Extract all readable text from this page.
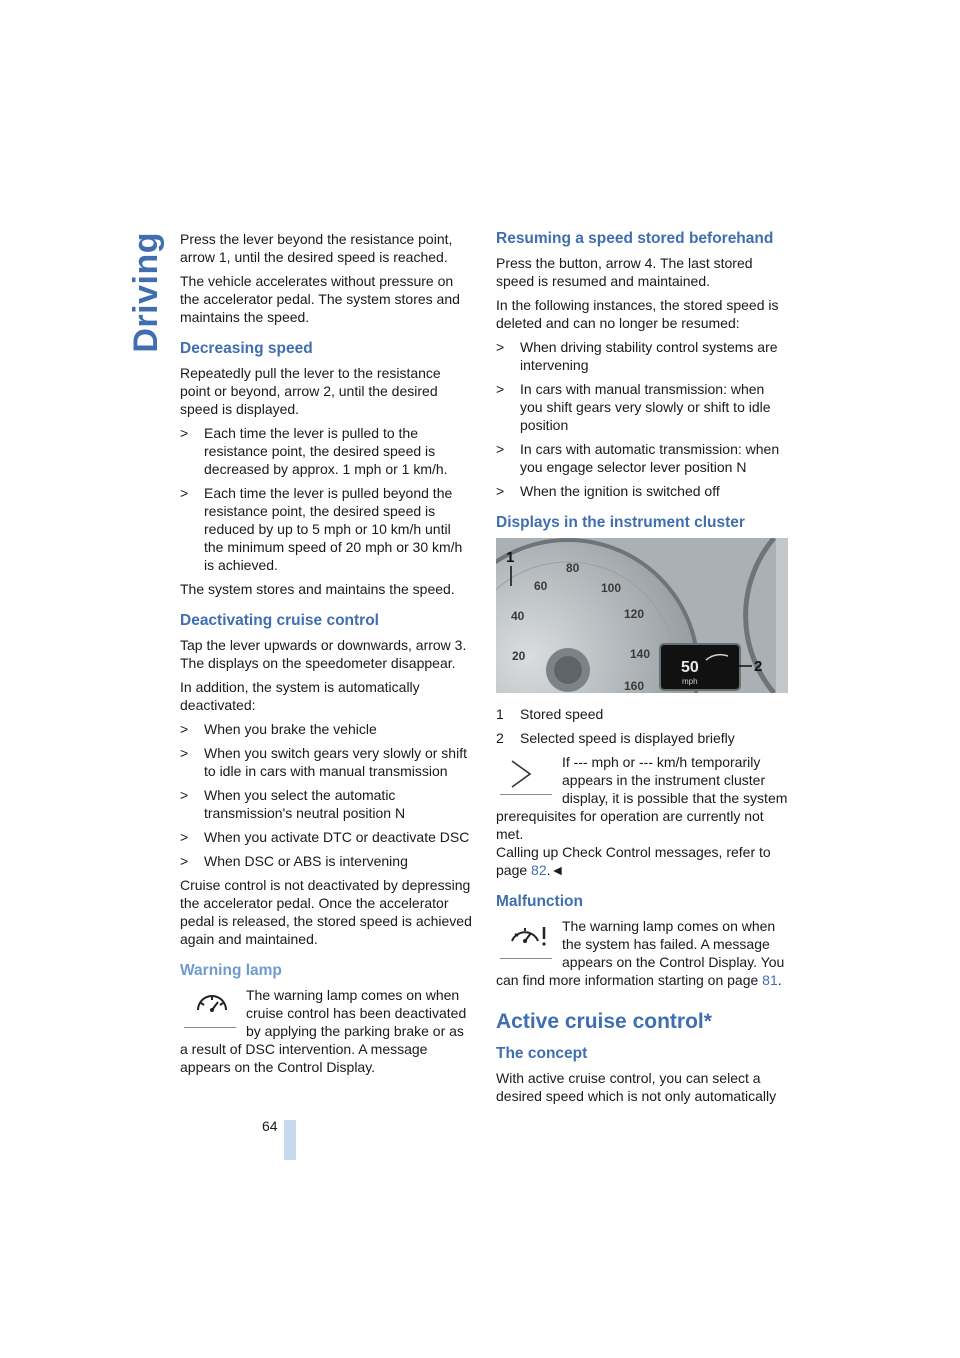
Driving Press the lever beyond the resistance point, arrow 1, until the desired speed is reached.

The vehicle accelerates without pressure on the accelerator pedal. The system stores and maintains the speed.

Decreasing speed

Repeatedly pull the lever to the resistance point or beyond, arrow 2, until the desired speed is displayed.

>	Each time the lever is pulled to the resistance point, the desired speed is decreased by approx. 1 mph or 1 km/h.
>	Each time the lever is pulled beyond the resistance point, the desired speed is reduced by up to 5 mph or 10 km/h until the minimum speed of 20 mph or 30 km/h is achieved.

The system stores and maintains the speed.

Deactivating cruise control

Tap the lever upwards or downwards, arrow 3. The displays on the speedometer disappear.

In addition, the system is automatically deactivated:

>	When you brake the vehicle
>	When you switch gears very slowly or shift to idle in cars with manual transmission
>	When you select the automatic transmission's neutral position N
>	When you activate DTC or deactivate DSC
>	When DSC or ABS is intervening

Cruise control is not deactivated by depressing the accelerator pedal. Once the accelerator pedal is released, the stored speed is achieved again and maintained.

Warning lamp
The warning lamp comes on when cruise control has been deactivated by applying the parking brake or as a result of DSC intervention. A message appears on the Control Display.
Resuming a speed stored beforehand

Press the button, arrow 4. The last stored speed is resumed and maintained.

In the following instances, the stored speed is deleted and can no longer be resumed:

>	When driving stability control systems are intervening
>	In cars with manual transmission: when you shift gears very slowly or shift to idle position
>	In cars with automatic transmission: when you engage selector lever position N
>	When the ignition is switched off
Displays in the instrument cluster
20
40
60
80
100
120
140
160
50
mph
2
1
1	Stored speed
2	Selected speed is displayed briefly
If --- mph or --- km/h temporarily appears in the instrument cluster display, it is possible that the system prerequisites for operation are currently not met.
Calling up Check Control messages, refer to page 82.◄
Malfunction
The warning lamp comes on when the system has failed. A message appears on the Control Display. You can find more information starting on page 81.
Active cruise control*
The concept

With active cruise control, you can select a desired speed which is not only automatically

64
